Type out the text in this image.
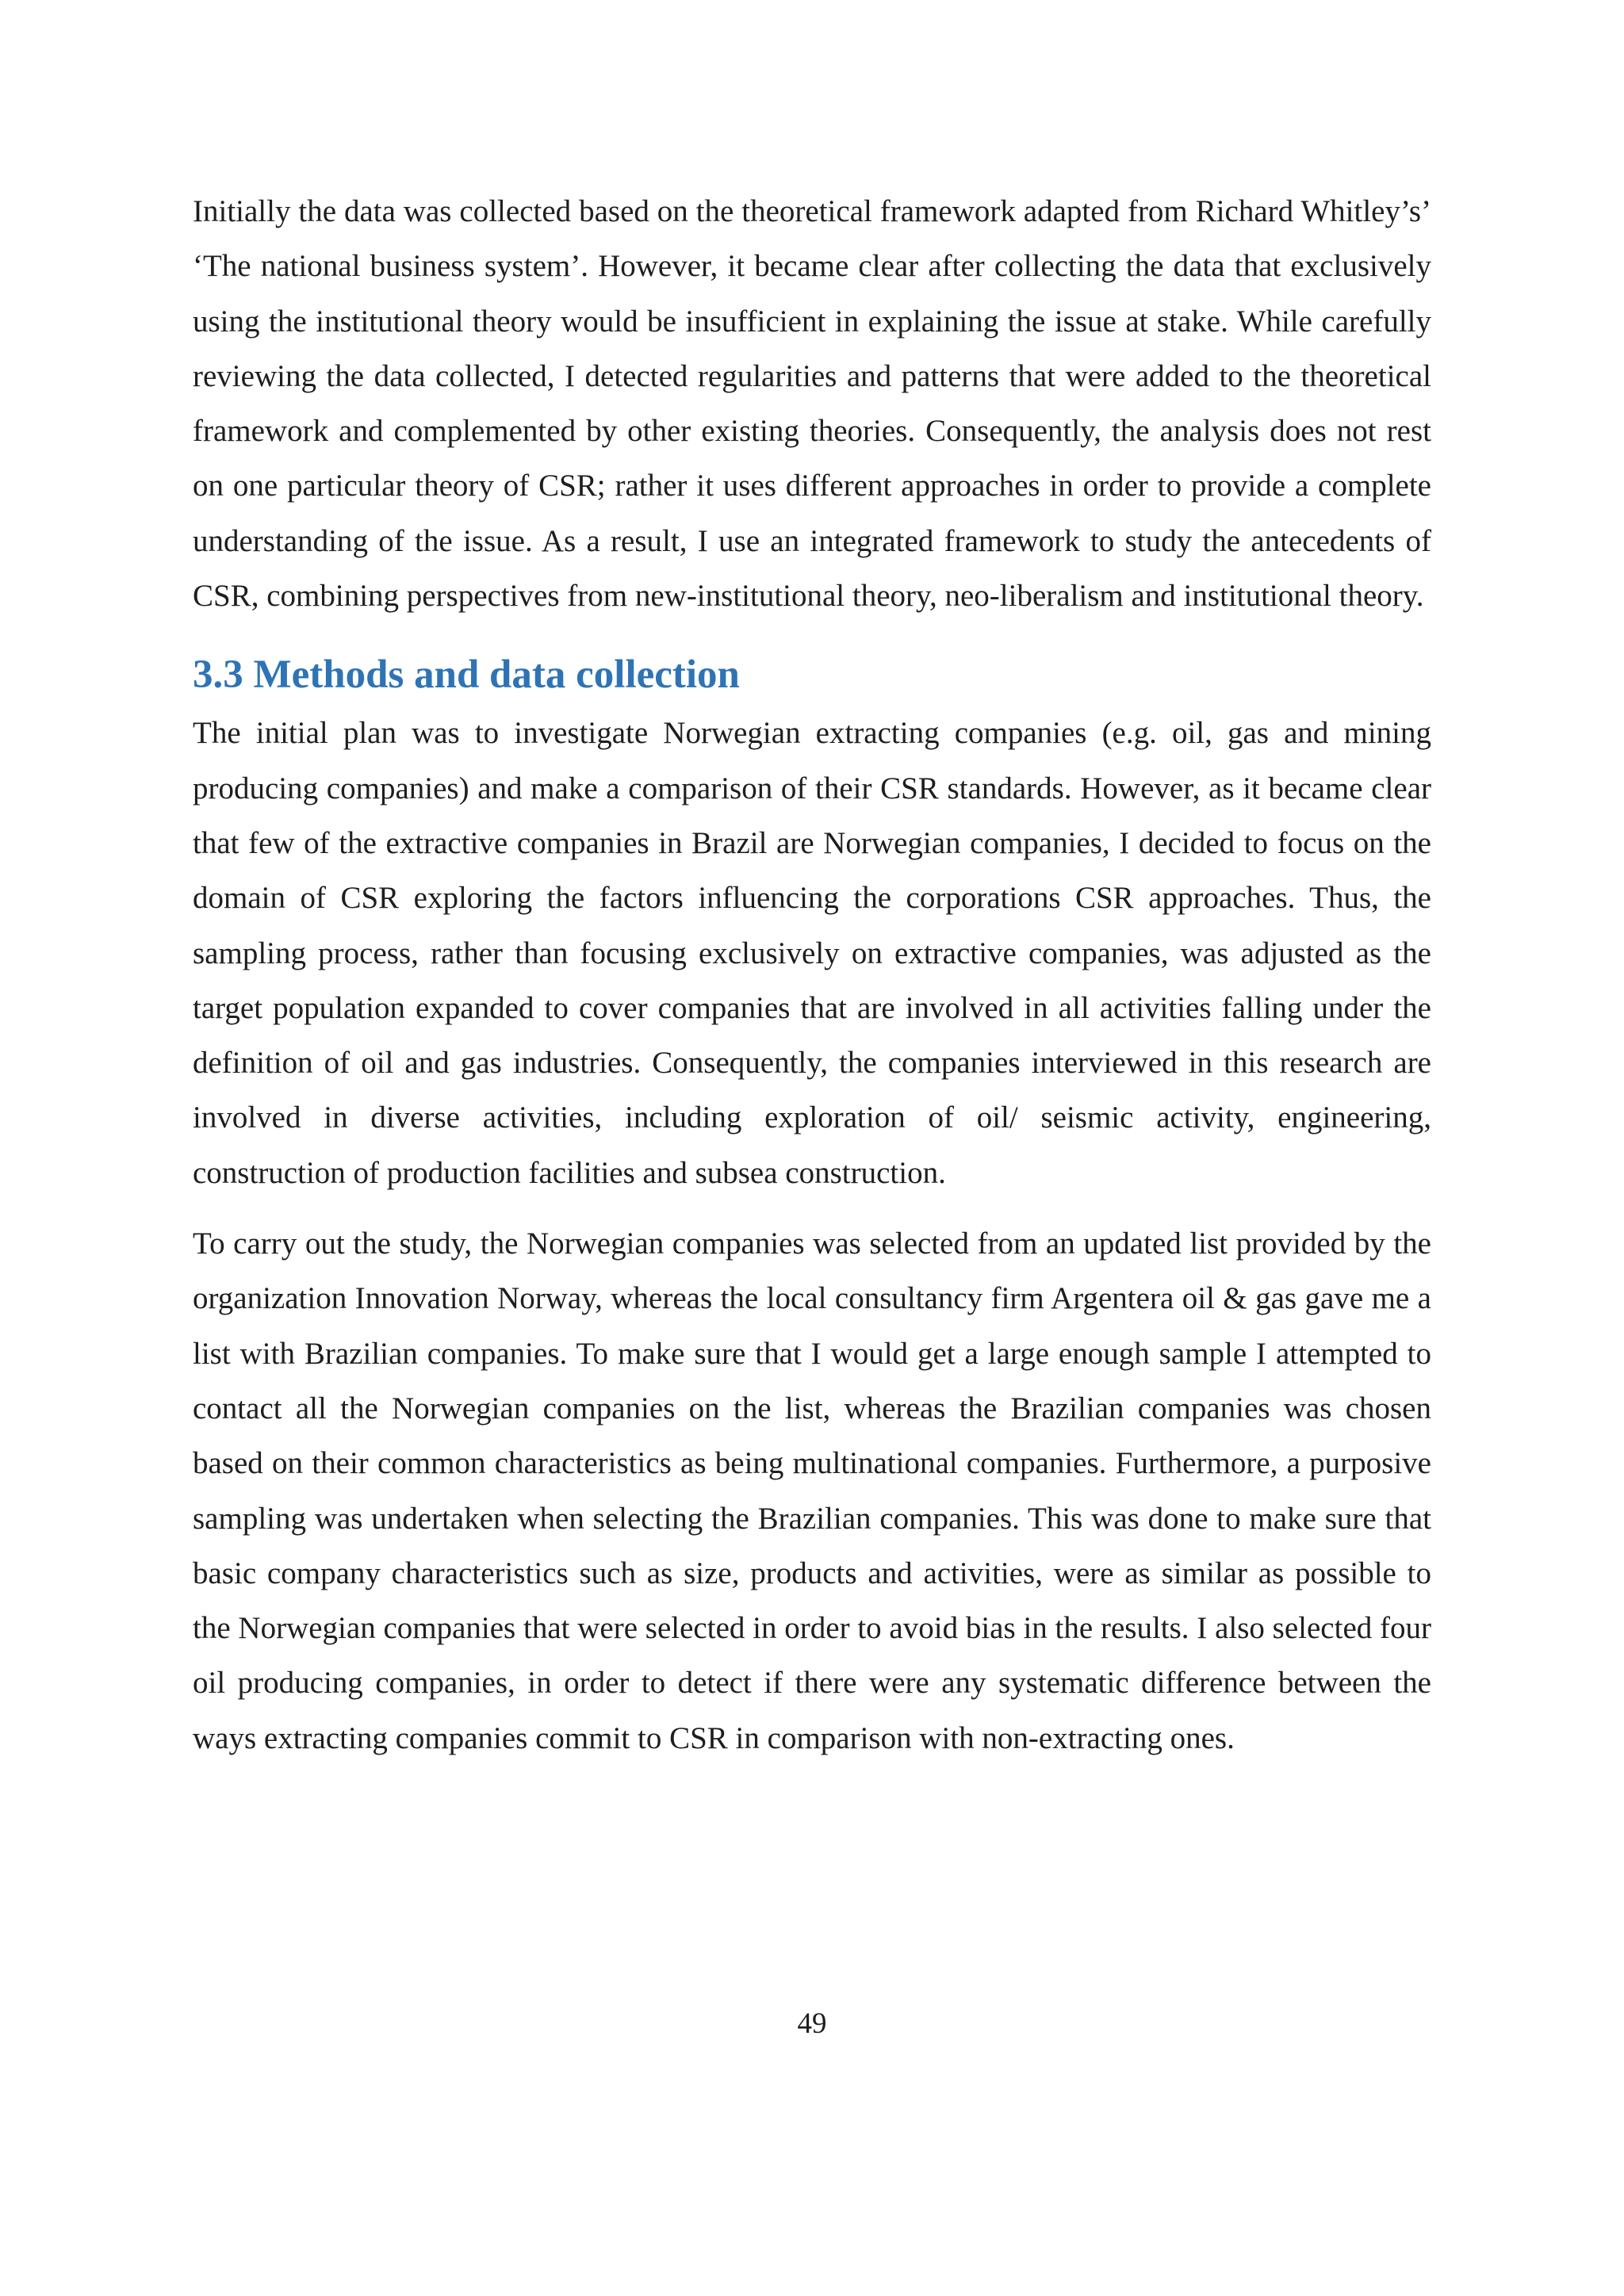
Initially the data was collected based on the theoretical framework adapted from Richard Whitley’s’ ‘The national business system’. However, it became clear after collecting the data that exclusively using the institutional theory would be insufficient in explaining the issue at stake. While carefully reviewing the data collected, I detected regularities and patterns that were added to the theoretical framework and complemented by other existing theories. Consequently, the analysis does not rest on one particular theory of CSR; rather it uses different approaches in order to provide a complete understanding of the issue. As a result, I use an integrated framework to study the antecedents of CSR, combining perspectives from new-institutional theory, neo-liberalism and institutional theory.

3.3 Methods and data collection

The initial plan was to investigate Norwegian extracting companies (e.g. oil, gas and mining producing companies) and make a comparison of their CSR standards. However, as it became clear that few of the extractive companies in Brazil are Norwegian companies, I decided to focus on the domain of CSR exploring the factors influencing the corporations CSR approaches. Thus, the sampling process, rather than focusing exclusively on extractive companies, was adjusted as the target population expanded to cover companies that are involved in all activities falling under the definition of oil and gas industries. Consequently, the companies interviewed in this research are involved in diverse activities, including exploration of oil/ seismic activity, engineering, construction of production facilities and subsea construction.

To carry out the study, the Norwegian companies was selected from an updated list provided by the organization Innovation Norway, whereas the local consultancy firm Argentera oil & gas gave me a list with Brazilian companies. To make sure that I would get a large enough sample I attempted to contact all the Norwegian companies on the list, whereas the Brazilian companies was chosen based on their common characteristics as being multinational companies. Furthermore, a purposive sampling was undertaken when selecting the Brazilian companies. This was done to make sure that basic company characteristics such as size, products and activities, were as similar as possible to the Norwegian companies that were selected in order to avoid bias in the results. I also selected four oil producing companies, in order to detect if there were any systematic difference between the ways extracting companies commit to CSR in comparison with non-extracting ones.

49
